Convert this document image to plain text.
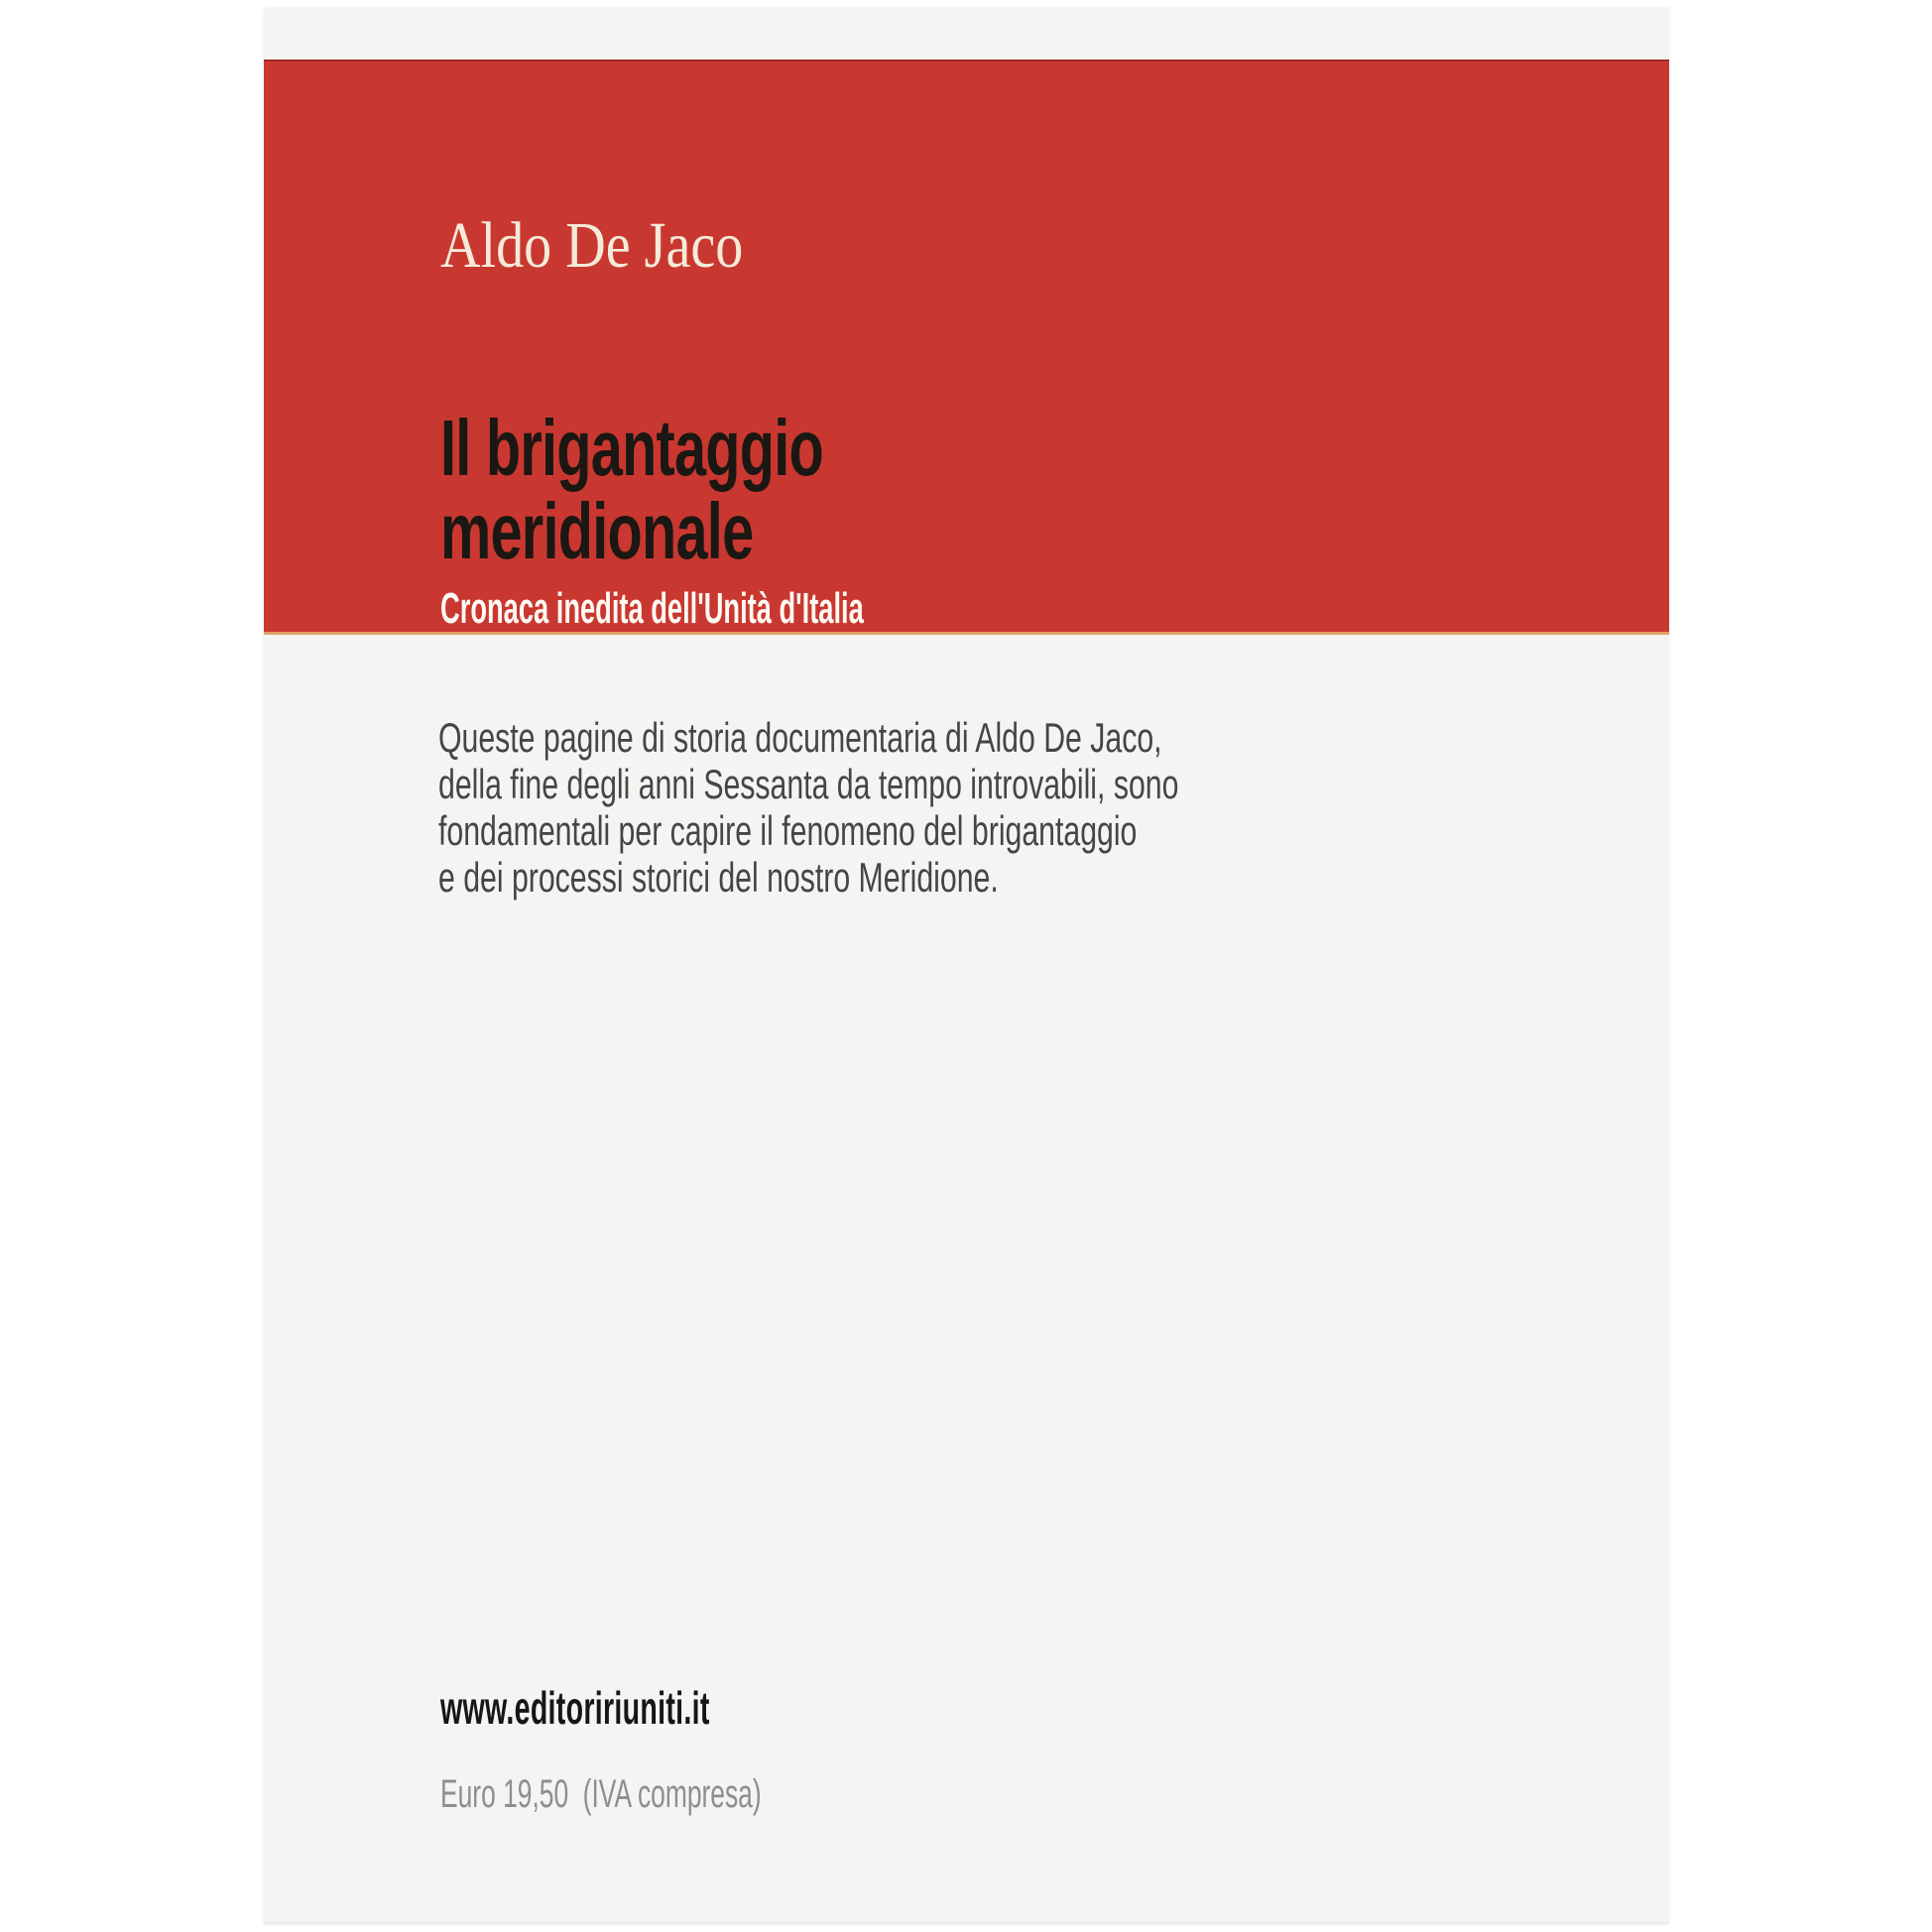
Aldo De Jaco
Il brigantaggio
meridionale
Cronaca inedita dell'Unità d'Italia
Queste pagine di storia documentaria di Aldo De Jaco,
della fine degli anni Sessanta da tempo introvabili, sono
fondamentali per capire il fenomeno del brigantaggio
e dei processi storici del nostro Meridione.
www.editoririuniti.it
Euro 19,50 (IVA compresa)
